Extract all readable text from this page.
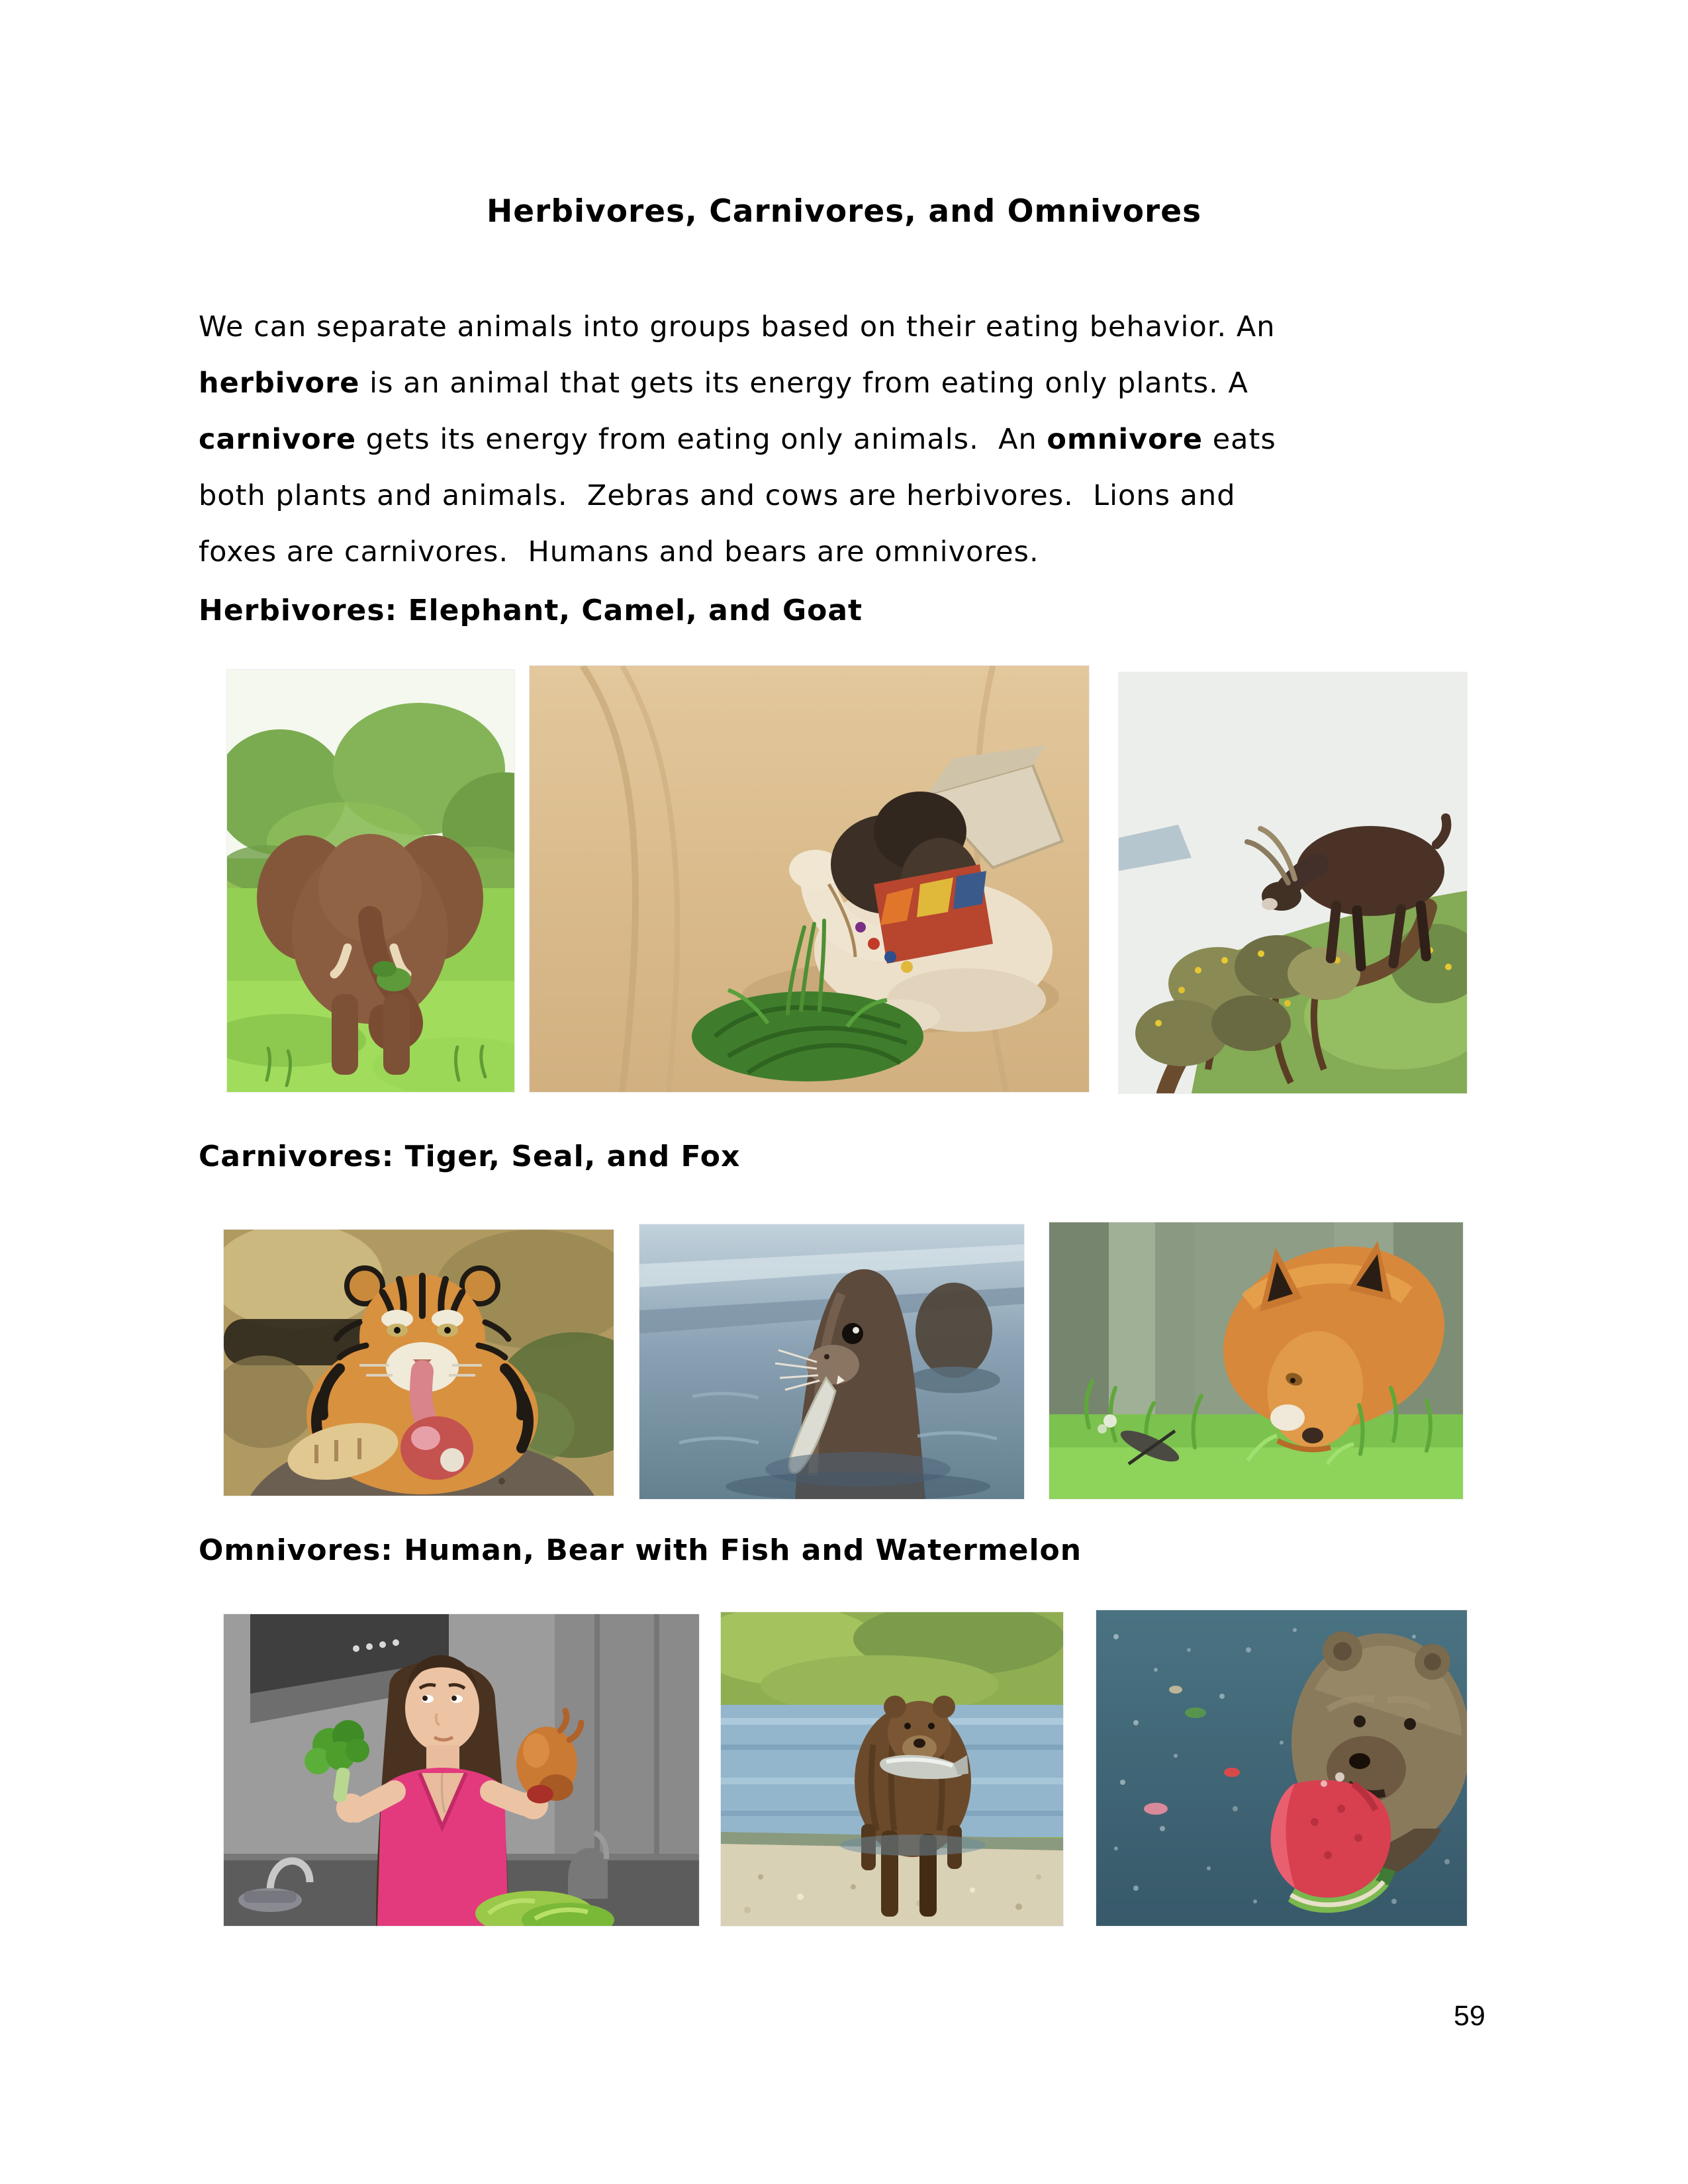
Herbivores, Carnivores, and Omnivores
We can separate animals into groups based on their eating behavior. An
herbivore is an animal that gets its energy from eating only plants. A
carnivore gets its energy from eating only animals.  An omnivore eats
both plants and animals.  Zebras and cows are herbivores.  Lions and
foxes are carnivores.  Humans and bears are omnivores.
Herbivores: Elephant, Camel, and Goat
Carnivores: Tiger, Seal, and Fox
Omnivores: Human, Bear with Fish and Watermelon
59
